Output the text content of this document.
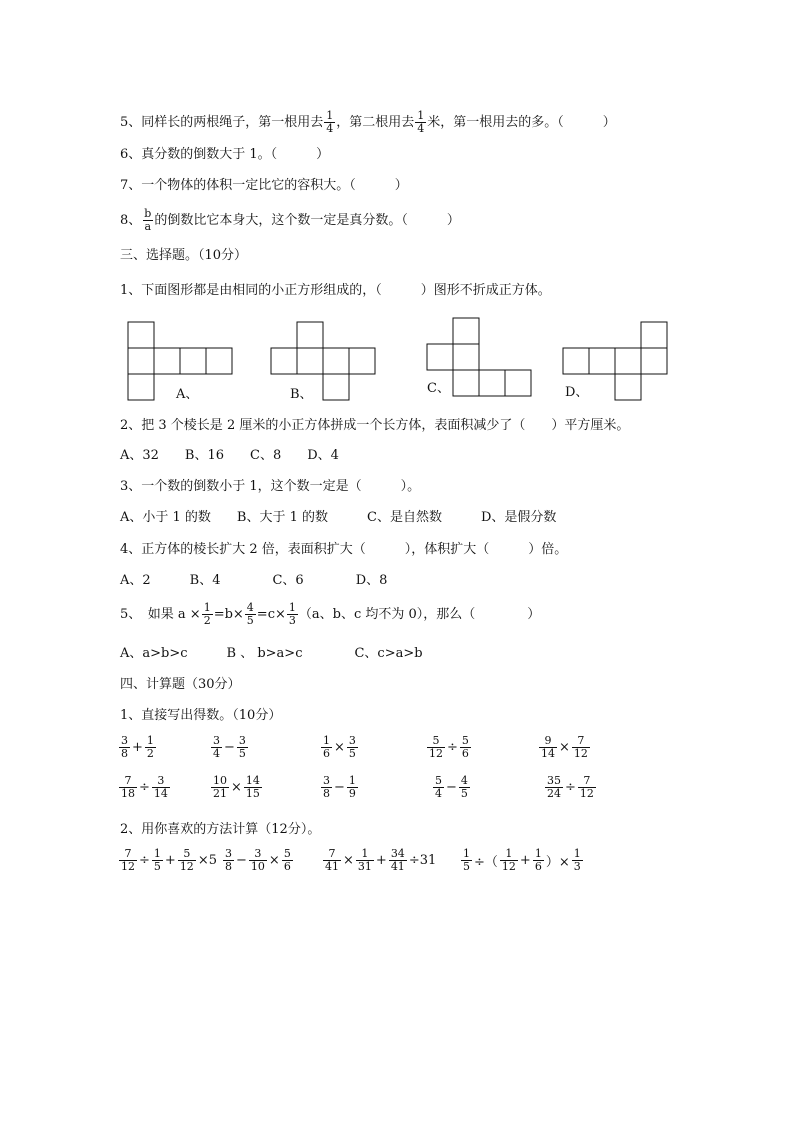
5、同样长的两根绳子，第一根用去 $\frac{1}{4}$ ，第二根用去 $\frac{1}{4}$ 米，第一根用去的多。（　　　）
6、真分数的倒数大于 1。（　　　）
7、一个物体的体积一定比它的容积大。（　　　）
8、 $\frac{b}{a}$ 的倒数比它本身大，这个数一定是真分数。（　　　）
三、选择题。（10分）
1、下面图形都是由相同的小正方形组成的，（　　　）图形不折成正方体。
A、	B、	C、	D、
2、把 3 个棱长是 2 厘米的小正方体拼成一个长方体，表面积减少了（　　）平方厘米。
A、32　　B、16　　C、8　　D、4
3、一个数的倒数小于 1，这个数一定是（　　　）。
A、小于 1 的数　　B、大于 1 的数　　　C、是自然数　　　D、是假分数
4、正方体的棱长扩大 2 倍，表面积扩大（　　　），体积扩大（　　　）倍。
A、2　　　B、4　　　　C、6　　　　D、8
5、　如果 $a \times \frac{1}{2} =b\times \frac{4}{5} =c\times \frac{1}{3} (a$、b、c 均不为 0），那么（　　　　）
A、a>b>c　　　B 、 b>a>c　　　　C、c>a>b
四、计算题（30分）
1、直接写出得数。（10分）
$\frac{3}{8} + \frac{1}{2}$	$\frac{3}{4} - \frac{3}{5}$	$\frac{1}{6} \times \frac{3}{5}$	$\frac{5}{12} \div \frac{5}{6}$	$\frac{9}{14} \times \frac{7}{12}$
$\frac{7}{18} \div \frac{3}{14}$	$\frac{10}{21} \times \frac{14}{15}$	$\frac{3}{8} - \frac{1}{9}$	$\frac{5}{4} - \frac{4}{5}$	$\frac{35}{24} \div \frac{7}{12}$
2、用你喜欢的方法计算（12分）。
$\frac{7}{12} \div \frac{1}{5} + \frac{5}{12} \times 5 \frac{3}{8} - \frac{3}{10} \times \frac{5}{6}$	$\frac{7}{41} \times \frac{1}{31} + \frac{34}{41} \div 31 \frac{1}{5}$ ÷（ $\frac{1}{12} + \frac{1}{6}$ ）× $\frac{1}{3}$
